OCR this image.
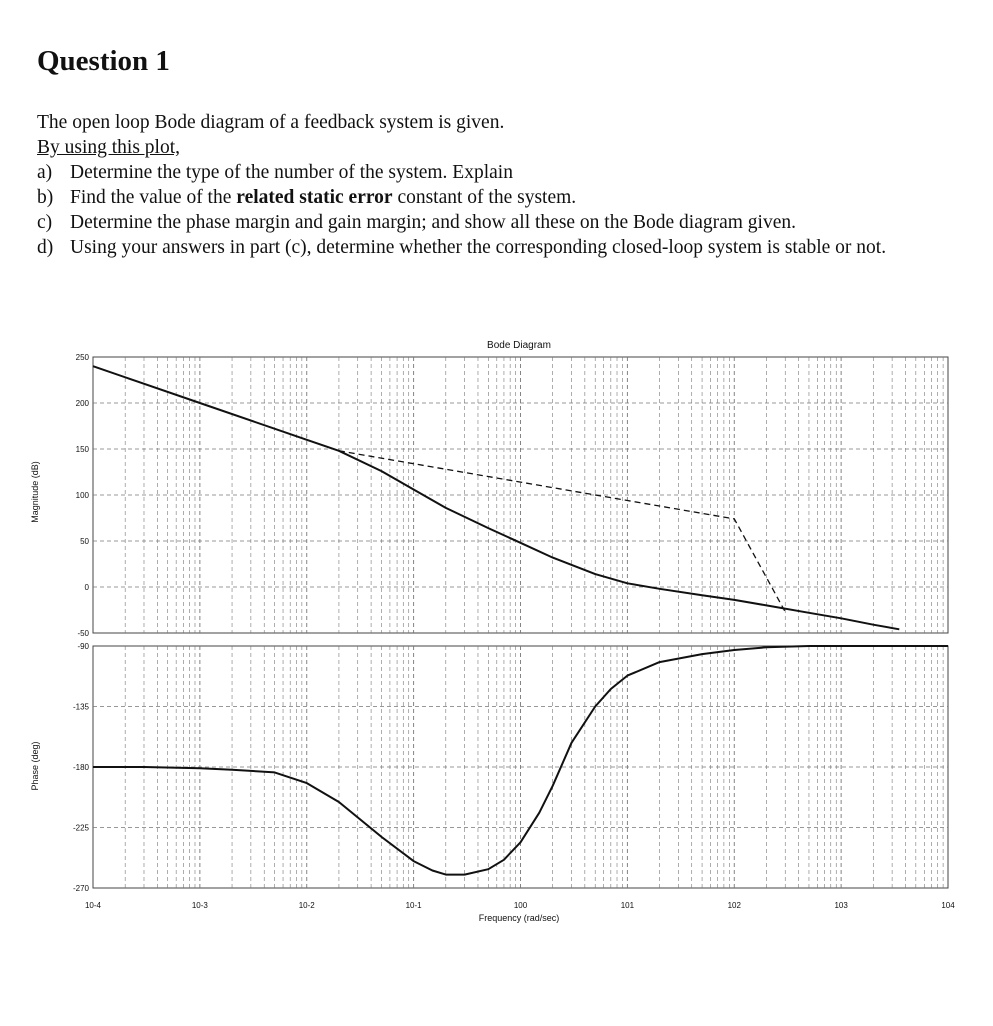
Question 1

The open loop Bode diagram of a feedback system is given.

By using this plot,

a) Determine the type of the number of the system. Explain
b) Find the value of the related static error constant of the system.
c) Determine the phase margin and gain margin; and show all these on the Bode diagram given.
d) Using your answers in part (c), determine whether the corresponding closed-loop system is stable or not.
250
200
150
100
50
0
-50
-90
-135
-180
-225
-270
10-4	10-3	10-2	10-1	100	101	102	103	104
Bode Diagram
Frequency (rad/sec)
Magnitude (dB)
Phase (deg)
